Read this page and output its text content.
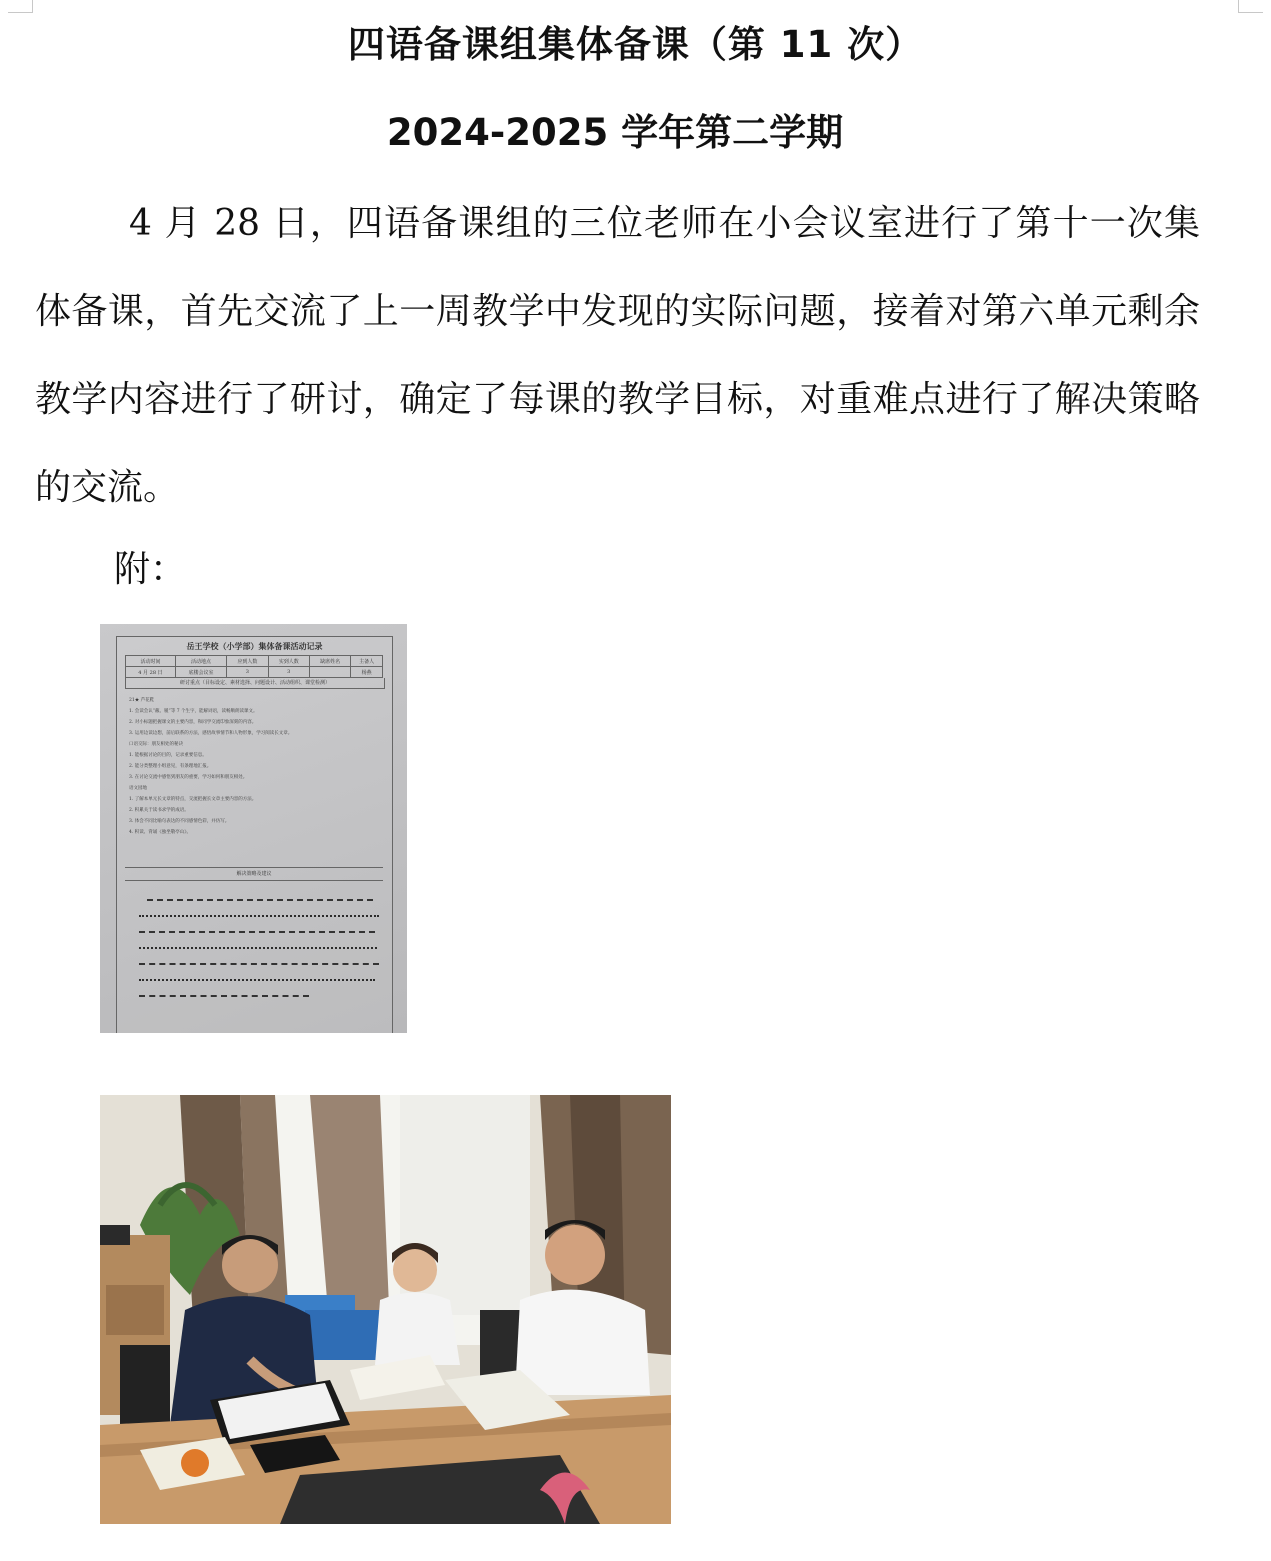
四语备课组集体备课（第 11 次）
2024-2025 学年第二学期

4 月 28 日，四语备课组的三位老师在小会议室进行了第十一次集体备课，首先交流了上一周教学中发现的实际问题，接着对第六单元剩余教学内容进行了研讨，确定了每课的教学目标，对重难点进行了解决策略的交流。

附：

岳王学校（小学部）集体备课活动记录
活动时间	活动地点	应到人数	实到人数	缺席姓名	主备人
4 月 28 日	底楼会议室	3	3		杨燕
研讨重点（目标设定、素材选择、问题设计、活动组织、课堂检测）
21★ 芦花鞋
1. 会读会认“蔽、履”等 7 个生字，能解词语，读畅顺朗读课文。
2. 对小标题把握课文的主要内容，和同学交流印象深刻的内容。
3. 运用边读边想，前后联系的方法，感悟故事情节和人物形象，学习阅读长文章。
口语交际：朋友相处的秘诀
1. 能根据讨论的目的，记录重要信息。
2. 能分类整理小组意见，有条理地汇报。
3. 在讨论交流中感悟到朋友的重要，学习如何和朋友相处。
语文园地
1. 了解本单元长文章的特点，交流把握长文章主要内容的方法。
2. 积累关于读书求学的成语。
3. 体会不同比喻句表达的不同感情色彩，并仿写。
4. 积读、背诵《独坐敬亭山》。
解决策略及建议
